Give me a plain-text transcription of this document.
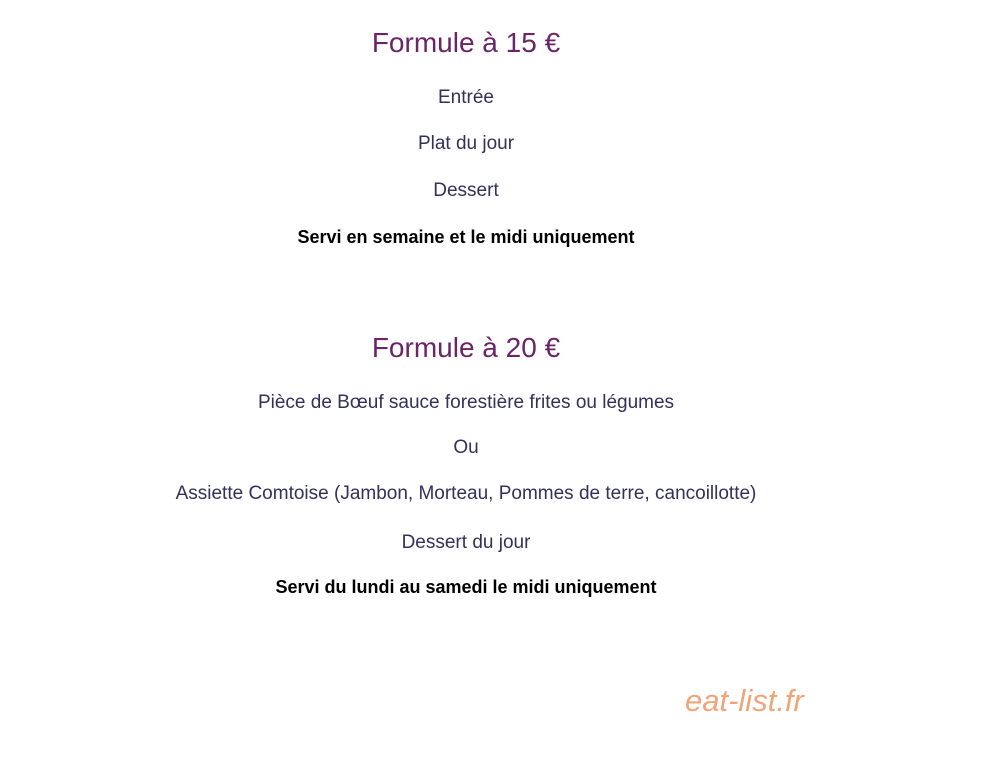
Formule à 15 €
Entrée
Plat du jour
Dessert
Servi en semaine et le midi uniquement
Formule à 20 €
Pièce de Bœuf sauce forestière frites ou légumes
Ou
Assiette Comtoise (Jambon, Morteau, Pommes de terre, cancoillotte)
Dessert du jour
Servi du lundi au samedi le midi uniquement
eat-list.fr
